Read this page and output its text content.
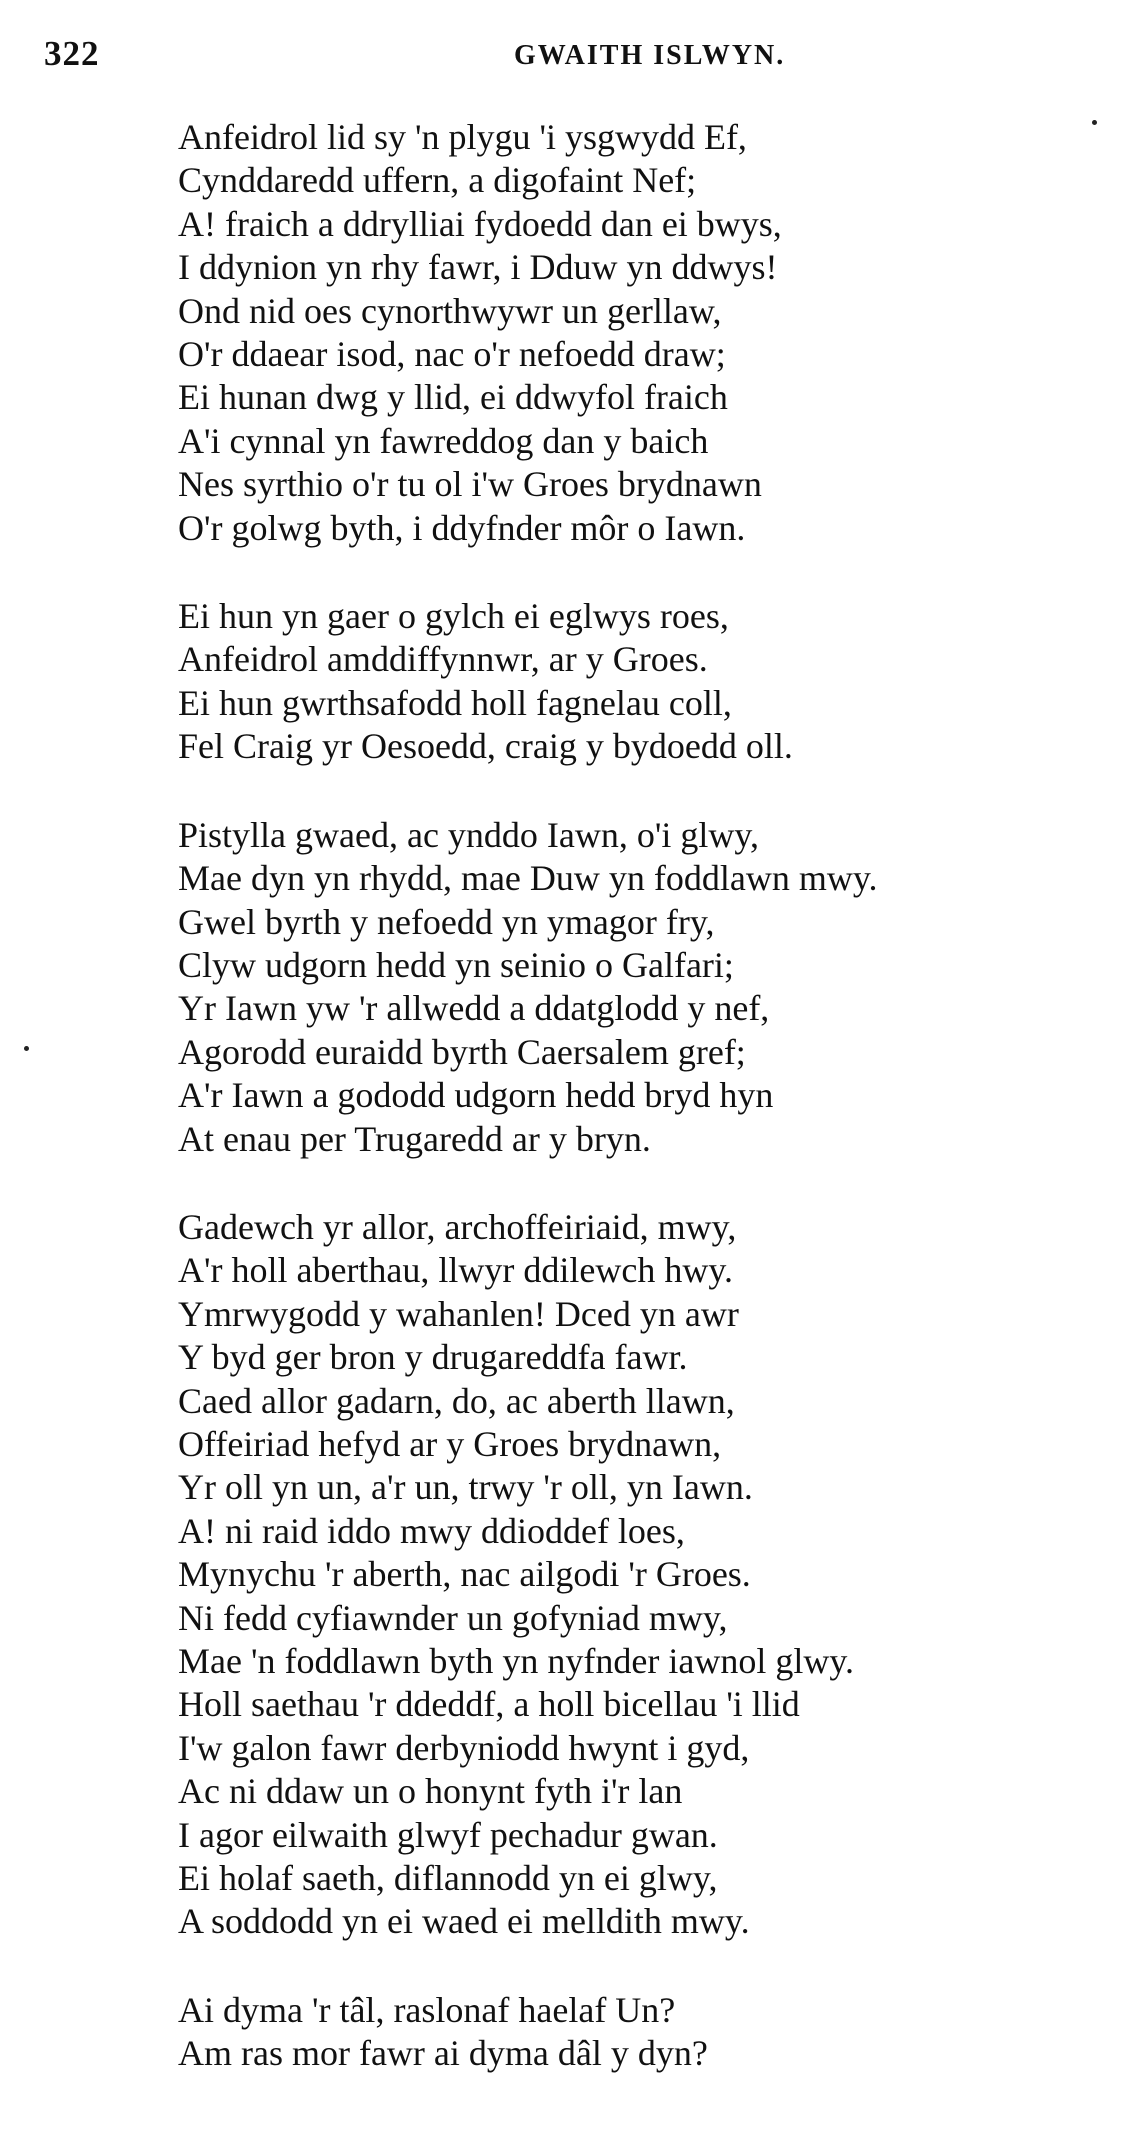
322	GWAITH ISLWYN.
Anfeidrol lid sy 'n plygu 'i ysgwydd Ef,
Cynddaredd uffern, a digofaint Nef;
A! fraich a ddrylliai fydoedd dan ei bwys,
I ddynion yn rhy fawr, i Dduw yn ddwys!
Ond nid oes cynorthwywr un gerllaw,
O'r ddaear isod, nac o'r nefoedd draw;
Ei hunan dwg y llid, ei ddwyfol fraich
A'i cynnal yn fawreddog dan y baich
Nes syrthio o'r tu ol i'w Groes brydnawn
O'r golwg byth, i ddyfnder môr o Iawn.
Ei hun yn gaer o gylch ei eglwys roes,
Anfeidrol amddiffynnwr, ar y Groes.
Ei hun gwrthsafodd holl fagnelau coll,
Fel Craig yr Oesoedd, craig y bydoedd oll.
Pistylla gwaed, ac ynddo Iawn, o'i glwy,
Mae dyn yn rhydd, mae Duw yn foddlawn mwy.
Gwel byrth y nefoedd yn ymagor fry,
Clyw udgorn hedd yn seinio o Galfari;
Yr Iawn yw 'r allwedd a ddatglodd y nef,
Agorodd euraidd byrth Caersalem gref;
A'r Iawn a gododd udgorn hedd bryd hyn
At enau per Trugaredd ar y bryn.
Gadewch yr allor, archoffeiriaid, mwy,
A'r holl aberthau, llwyr ddilewch hwy.
Ymrwygodd y wahanlen! Dced yn awr
Y byd ger bron y drugareddfa fawr.
Caed allor gadarn, do, ac aberth llawn,
Offeiriad hefyd ar y Groes brydnawn,
Yr oll yn un, a'r un, trwy 'r oll, yn Iawn.
A! ni raid iddo mwy ddioddef loes,
Mynychu 'r aberth, nac ailgodi 'r Groes.
Ni fedd cyfiawnder un gofyniad mwy,
Mae 'n foddlawn byth yn nyfnder iawnol glwy.
Holl saethau 'r ddeddf, a holl bicellau 'i llid
I'w galon fawr derbyniodd hwynt i gyd,
Ac ni ddaw un o honynt fyth i'r lan
I agor eilwaith glwyf pechadur gwan.
Ei holaf saeth, diflannodd yn ei glwy,
A soddodd yn ei waed ei melldith mwy.
Ai dyma 'r tâl, raslonaf haelaf Un?
Am ras mor fawr ai dyma dâl y dyn?
